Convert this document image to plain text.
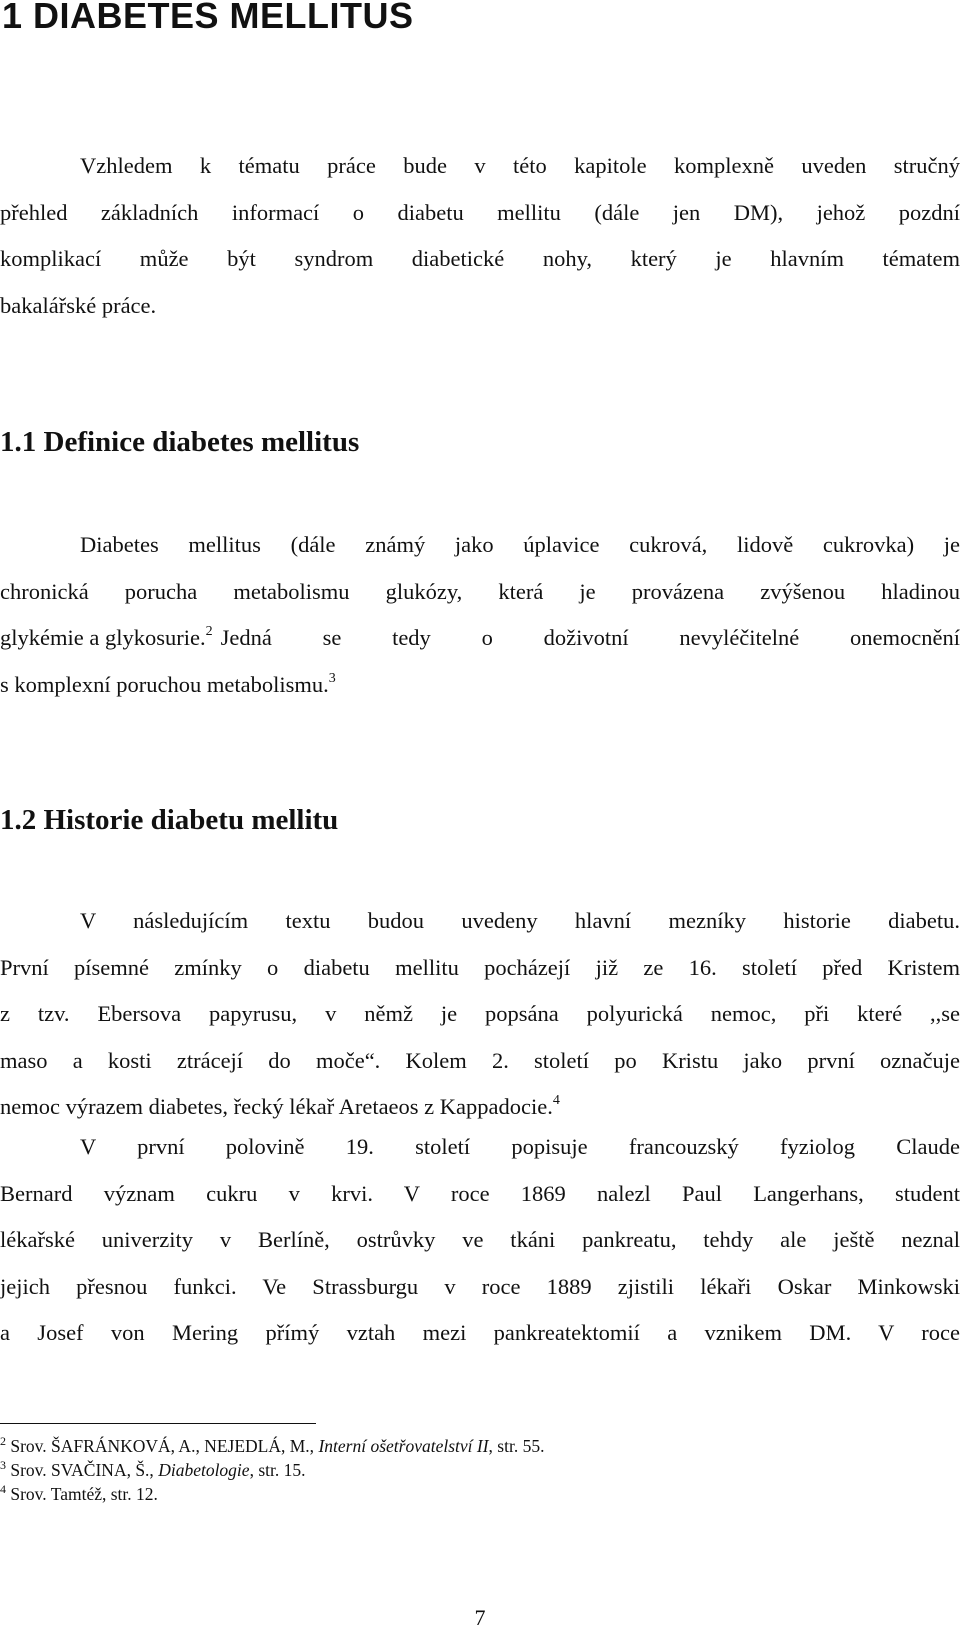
1 DIABETES MELLITUS
Vzhledem k tématu práce bude v této kapitole komplexně uveden stručný
přehled základních informací o diabetu mellitu (dále jen DM), jehož pozdní
komplikací může být syndrom diabetické nohy, který je hlavním tématem
bakalářské práce.
1.1 Definice diabetes mellitus
Diabetes mellitus (dále známý jako úplavice cukrová, lidově cukrovka) je
chronická porucha metabolismu glukózy, která je provázena zvýšenou hladinou
glykémie a glykosurie.$^2$ Jedná se tedy o doživotní nevyléčitelné onemocnění
s komplexní poruchou metabolismu.$^3$
1.2 Historie diabetu mellitu
V následujícím textu budou uvedeny hlavní mezníky historie diabetu.
První písemné zmínky o diabetu mellitu pocházejí již ze 16. století před Kristem
z tzv. Ebersova papyrusu, v němž je popsána polyurická nemoc, při které ,,se
maso a kosti ztrácejí do moče“. Kolem 2. století po Kristu jako první označuje
nemoc výrazem diabetes, řecký lékař Aretaeos z Kappadocie.$^4$
V první polovině 19. století popisuje francouzský fyziolog Claude
Bernard význam cukru v krvi. V roce 1869 nalezl Paul Langerhans, student
lékařské univerzity v Berlíně, ostrůvky ve tkáni pankreatu, tehdy ale ještě neznal
jejich přesnou funkci. Ve Strassburgu v roce 1889 zjistili lékaři Oskar Minkowski
a Josef von Mering přímý vztah mezi pankreatektomií a vznikem DM. V roce
$^2$ Srov. ŠAFRÁNKOVÁ, A., NEJEDLÁ, M., Interní ošetřovatelství II, str. 55.
$^3$ Srov. SVAČINA, Š., Diabetologie, str. 15.
$^4$ Srov. Tamtéž, str. 12.

7
